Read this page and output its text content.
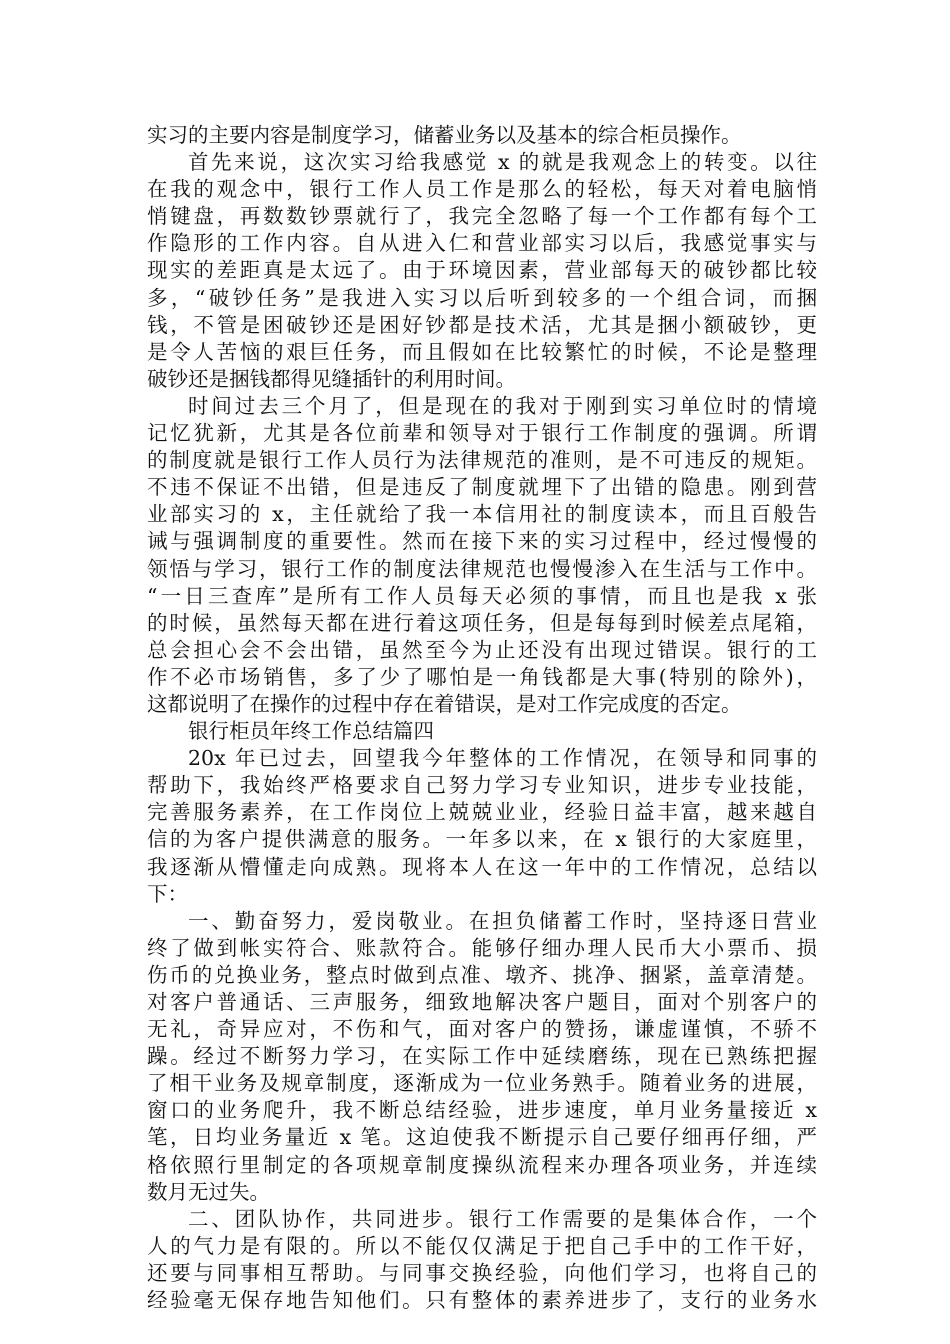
实习的主要内容是制度学习，储蓄业务以及基本的综合柜员操作。
首先来说，这次实习给我感觉 x 的就是我观念上的转变。以往
在我的观念中，银行工作人员工作是那么的轻松，每天对着电脑悄
悄键盘，再数数钞票就行了，我完全忽略了每一个工作都有每个工
作隐形的工作内容。自从进入仁和营业部实习以后，我感觉事实与
现实的差距真是太远了。由于环境因素，营业部每天的破钞都比较
多，“破钞任务”是我进入实习以后听到较多的一个组合词，而捆
钱，不管是困破钞还是困好钞都是技术活，尤其是捆小额破钞，更
是令人苦恼的艰巨任务，而且假如在比较繁忙的时候，不论是整理
破钞还是捆钱都得见缝插针的利用时间。
时间过去三个月了，但是现在的我对于刚到实习单位时的情境
记忆犹新，尤其是各位前辈和领导对于银行工作制度的强调。所谓
的制度就是银行工作人员行为法律规范的准则，是不可违反的规矩。
不违不保证不出错，但是违反了制度就埋下了出错的隐患。刚到营
业部实习的 x，主任就给了我一本信用社的制度读本，而且百般告
诫与强调制度的重要性。然而在接下来的实习过程中，经过慢慢的
领悟与学习，银行工作的制度法律规范也慢慢渗入在生活与工作中。
“一日三查库”是所有工作人员每天必须的事情，而且也是我 x 张
的时候，虽然每天都在进行着这项任务，但是每每到时候差点尾箱，
总会担心会不会出错，虽然至今为止还没有出现过错误。银行的工
作不必市场销售，多了少了哪怕是一角钱都是大事(特别的除外)，
这都说明了在操作的过程中存在着错误，是对工作完成度的否定。
银行柜员年终工作总结篇四
20x 年已过去，回望我今年整体的工作情况，在领导和同事的
帮助下，我始终严格要求自己努力学习专业知识，进步专业技能，
完善服务素养，在工作岗位上兢兢业业，经验日益丰富，越来越自
信的为客户提供满意的服务。一年多以来，在 x 银行的大家庭里，
我逐渐从懵懂走向成熟。现将本人在这一年中的工作情况，总结以
下：
一、勤奋努力，爱岗敬业。在担负储蓄工作时，坚持逐日营业
终了做到帐实符合、账款符合。能够仔细办理人民币大小票币、损
伤币的兑换业务，整点时做到点准、墩齐、挑净、捆紧，盖章清楚。
对客户普通话、三声服务，细致地解决客户题目，面对个别客户的
无礼，奇异应对，不伤和气，面对客户的赞扬，谦虚谨慎，不骄不
躁。经过不断努力学习，在实际工作中延续磨练，现在已熟练把握
了相干业务及规章制度，逐渐成为一位业务熟手。随着业务的进展，
窗口的业务爬升，我不断总结经验，进步速度，单月业务量接近 x
笔，日均业务量近 x 笔。这迫使我不断提示自己要仔细再仔细，严
格依照行里制定的各项规章制度操纵流程来办理各项业务，并连续
数月无过失。
二、团队协作，共同进步。银行工作需要的是集体合作，一个
人的气力是有限的。所以不能仅仅满足于把自己手中的工作干好，
还要与同事相互帮助。与同事交换经验，向他们学习，也将自己的
经验毫无保存地告知他们。只有整体的素养进步了，支行的业务水
